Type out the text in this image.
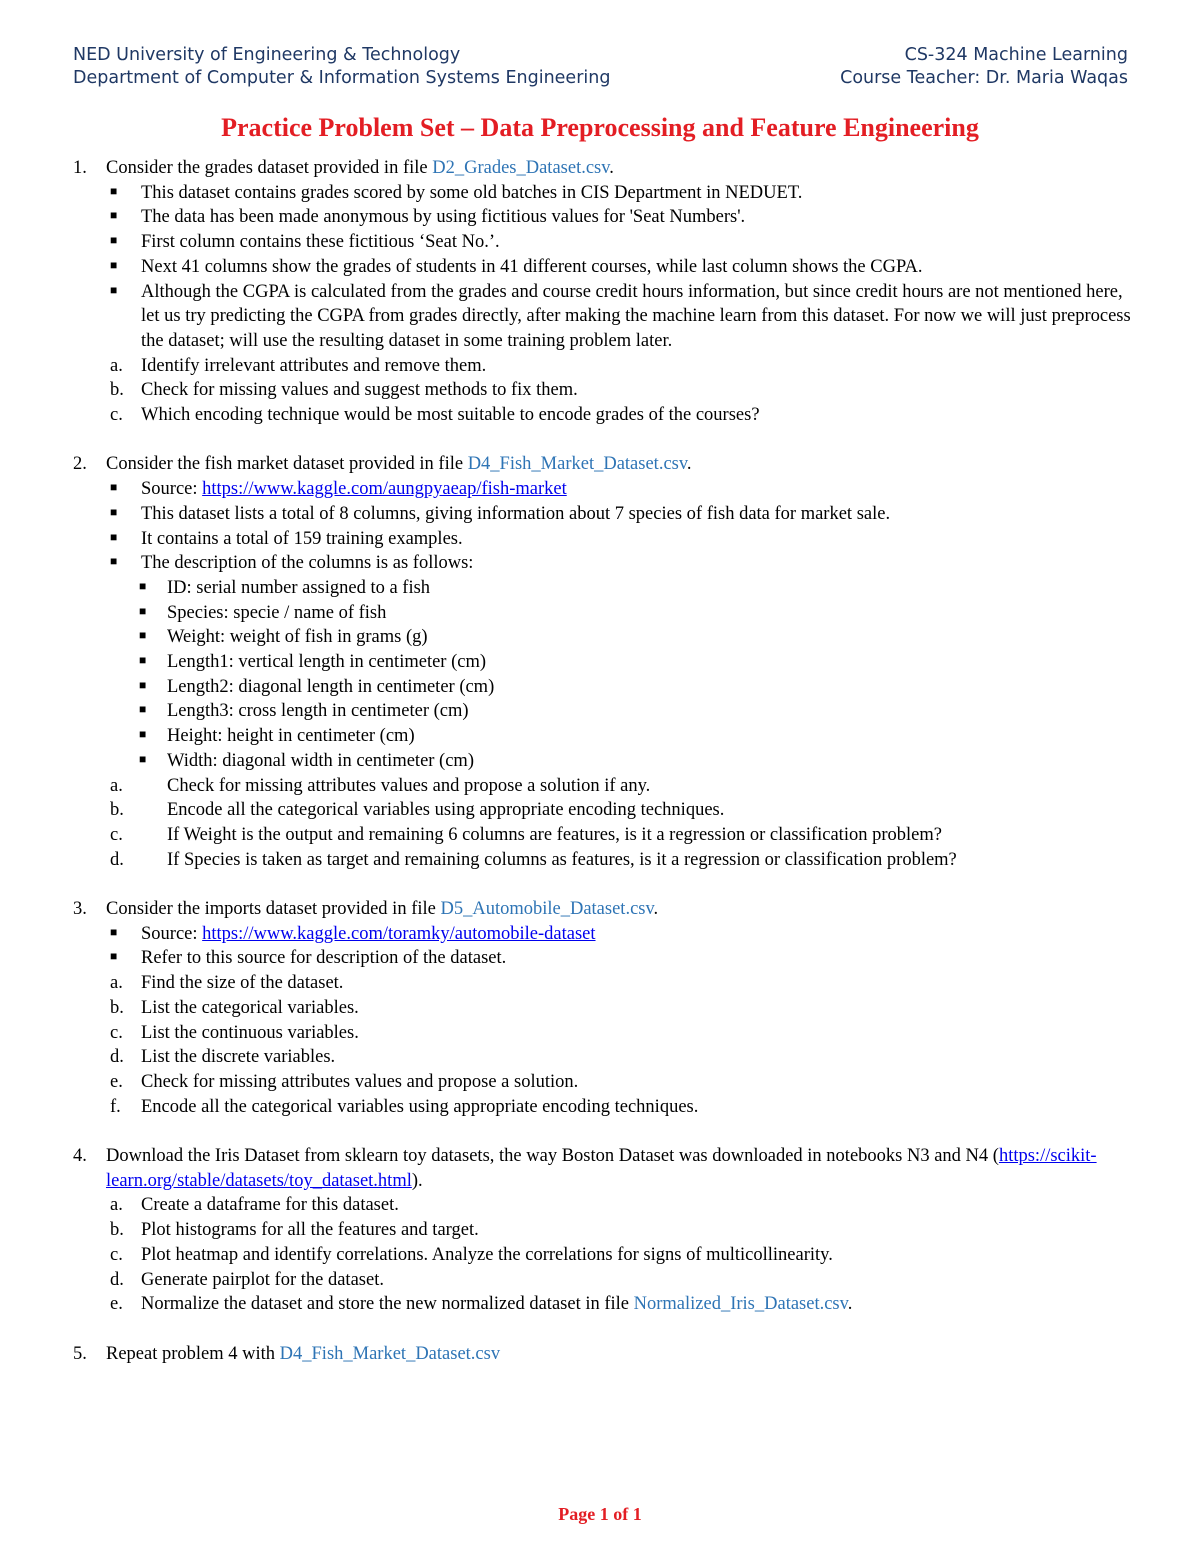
NED University of Engineering & Technology	CS-324 Machine Learning
Department of Computer & Information Systems Engineering	Course Teacher: Dr. Maria Waqas
Practice Problem Set – Data Preprocessing and Feature Engineering
1. Consider the grades dataset provided in file D2_Grades_Dataset.csv.
■ This dataset contains grades scored by some old batches in CIS Department in NEDUET.
■ The data has been made anonymous by using fictitious values for 'Seat Numbers'.
■ First column contains these fictitious ‘Seat No.’.
■ Next 41 columns show the grades of students in 41 different courses, while last column shows the CGPA.
■ Although the CGPA is calculated from the grades and course credit hours information, but since credit hours are not mentioned here, let us try predicting the CGPA from grades directly, after making the machine learn from this dataset. For now we will just preprocess the dataset; will use the resulting dataset in some training problem later.
a. Identify irrelevant attributes and remove them.
b. Check for missing values and suggest methods to fix them.
c. Which encoding technique would be most suitable to encode grades of the courses?
2. Consider the fish market dataset provided in file D4_Fish_Market_Dataset.csv.
■ Source: https://www.kaggle.com/aungpyaeap/fish-market
■ This dataset lists a total of 8 columns, giving information about 7 species of fish data for market sale.
■ It contains a total of 159 training examples.
■ The description of the columns is as follows:
■ ID: serial number assigned to a fish
■ Species: specie / name of fish
■ Weight: weight of fish in grams (g)
■ Length1: vertical length in centimeter (cm)
■ Length2: diagonal length in centimeter (cm)
■ Length3: cross length in centimeter (cm)
■ Height: height in centimeter (cm)
■ Width: diagonal width in centimeter (cm)
a. Check for missing attributes values and propose a solution if any.
b. Encode all the categorical variables using appropriate encoding techniques.
c. If Weight is the output and remaining 6 columns are features, is it a regression or classification problem?
d. If Species is taken as target and remaining columns as features, is it a regression or classification problem?
3. Consider the imports dataset provided in file D5_Automobile_Dataset.csv.
■ Source: https://www.kaggle.com/toramky/automobile-dataset
■ Refer to this source for description of the dataset.
a. Find the size of the dataset.
b. List the categorical variables.
c. List the continuous variables.
d. List the discrete variables.
e. Check for missing attributes values and propose a solution.
f. Encode all the categorical variables using appropriate encoding techniques.
4. Download the Iris Dataset from sklearn toy datasets, the way Boston Dataset was downloaded in notebooks N3 and N4 (https://scikit-learn.org/stable/datasets/toy_dataset.html).
a. Create a dataframe for this dataset.
b. Plot histograms for all the features and target.
c. Plot heatmap and identify correlations. Analyze the correlations for signs of multicollinearity.
d. Generate pairplot for the dataset.
e. Normalize the dataset and store the new normalized dataset in file Normalized_Iris_Dataset.csv.
5. Repeat problem 4 with D4_Fish_Market_Dataset.csv
Page 1 of 1
